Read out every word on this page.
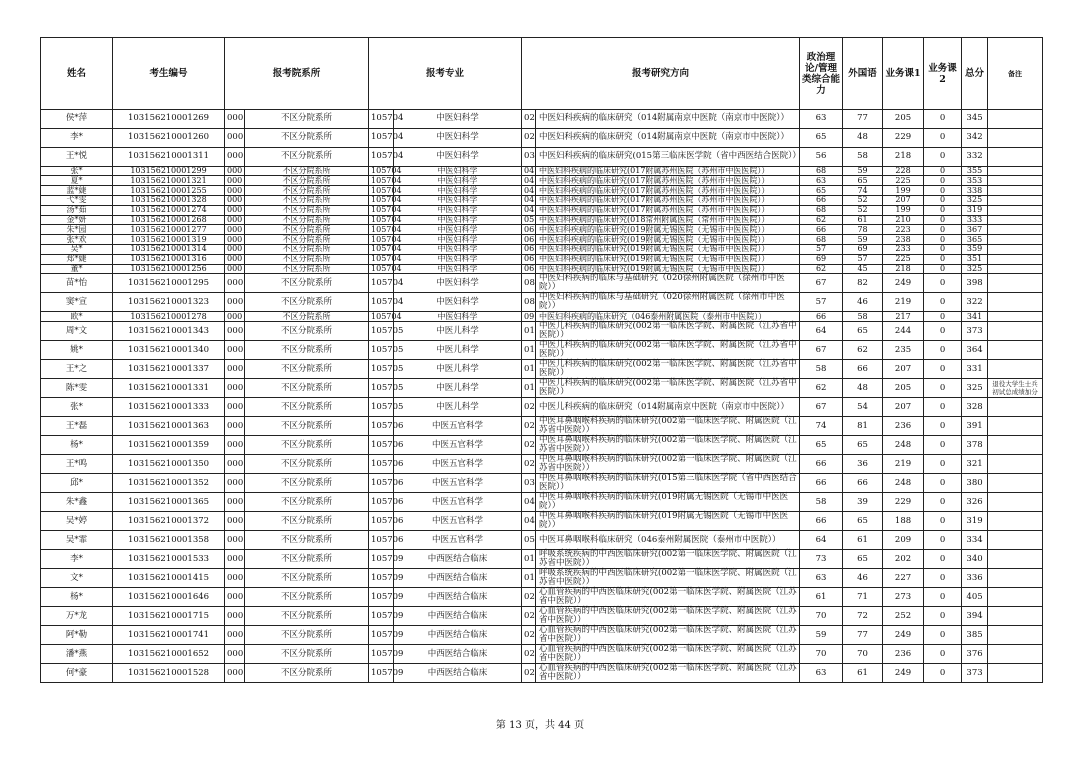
姓名	考生编号	报考院系所		报考专业		报考研究方向		政治理论/管理类综合能力	外国语	业务课1	业务课2	总分	备注
侯*萍	103156210001269	000	不区分院系所	105704	中医妇科学	02	中医妇科疾病的临床研究（014附属南京中医院（南京市中医院））	63	77	205	0	345	
李*	103156210001260	000	不区分院系所	105704	中医妇科学	02	中医妇科疾病的临床研究（014附属南京中医院（南京市中医院））	65	48	229	0	342	
王*悦	103156210001311	000	不区分院系所	105704	中医妇科学	03	中医妇科疾病的临床研究(015第三临床医学院（省中西医结合医院））	56	58	218	0	332	
张*	103156210001299	000	不区分院系所	105704	中医妇科学	04	中医妇科疾病的临床研究(017附属苏州医院（苏州市中医医院））	68	59	228	0	355	
夏*	103156210001321	000	不区分院系所	105704	中医妇科学	04	中医妇科疾病的临床研究(017附属苏州医院（苏州市中医医院））	63	65	225	0	353	
蓝*婕	103156210001255	000	不区分院系所	105704	中医妇科学	04	中医妇科疾病的临床研究(017附属苏州医院（苏州市中医医院））	65	74	199	0	338	
弋*雯	103156210001328	000	不区分院系所	105704	中医妇科学	04	中医妇科疾病的临床研究(017附属苏州医院（苏州市中医医院））	66	52	207	0	325	
汤*茹	103156210001274	000	不区分院系所	105704	中医妇科学	04	中医妇科疾病的临床研究(017附属苏州医院（苏州市中医医院））	68	52	199	0	319	
金*妍	103156210001268	000	不区分院系所	105704	中医妇科学	05	中医妇科疾病的临床研究(018常州附属医院（常州市中医医院））	62	61	210	0	333	
朱*园	103156210001277	000	不区分院系所	105704	中医妇科学	06	中医妇科疾病的临床研究(019附属无锡医院（无锡市中医医院））	66	78	223	0	367	
张*欢	103156210001319	000	不区分院系所	105704	中医妇科学	06	中医妇科疾病的临床研究(019附属无锡医院（无锡市中医医院））	68	59	238	0	365	
吴*	103156210001314	000	不区分院系所	105704	中医妇科学	06	中医妇科疾病的临床研究(019附属无锡医院（无锡市中医医院））	57	69	233	0	359	
郑*婕	103156210001316	000	不区分院系所	105704	中医妇科学	06	中医妇科疾病的临床研究(019附属无锡医院（无锡市中医医院））	69	57	225	0	351	
董*	103156210001256	000	不区分院系所	105704	中医妇科学	06	中医妇科疾病的临床研究(019附属无锡医院（无锡市中医医院））	62	45	218	0	325	
苗*怡	103156210001295	000	不区分院系所	105704	中医妇科学	08	中医妇科疾病的临床与基础研究（020徐州附属医院（徐州市中医院））	67	82	249	0	398	
窦*宣	103156210001323	000	不区分院系所	105704	中医妇科学	08	中医妇科疾病的临床与基础研究（020徐州附属医院（徐州市中医院））	57	46	219	0	322	
欧*	103156210001278	000	不区分院系所	105704	中医妇科学	09	中医妇科疾病的临床研究（046泰州附属医院（泰州市中医院））	66	58	217	0	341	
周*文	103156210001343	000	不区分院系所	105705	中医儿科学	01	中医儿科疾病的临床研究(002第一临床医学院、附属医院（江苏省中医院））	64	65	244	0	373	
姚*	103156210001340	000	不区分院系所	105705	中医儿科学	01	中医儿科疾病的临床研究(002第一临床医学院、附属医院（江苏省中医院））	67	62	235	0	364	
王*之	103156210001337	000	不区分院系所	105705	中医儿科学	01	中医儿科疾病的临床研究(002第一临床医学院、附属医院（江苏省中医院））	58	66	207	0	331	
陈*雯	103156210001331	000	不区分院系所	105705	中医儿科学	01	中医儿科疾病的临床研究(002第一临床医学院、附属医院（江苏省中医院））	62	48	205	0	325	退役大学生士兵初试总成绩加分
张*	103156210001333	000	不区分院系所	105705	中医儿科学	02	中医儿科疾病的临床研究（014附属南京中医院（南京市中医院））	67	54	207	0	328	
王*磊	103156210001363	000	不区分院系所	105706	中医五官科学	02	中医耳鼻咽喉科疾病的临床研究(002第一临床医学院、附属医院（江苏省中医院））	74	81	236	0	391	
杨*	103156210001359	000	不区分院系所	105706	中医五官科学	02	中医耳鼻咽喉科疾病的临床研究(002第一临床医学院、附属医院（江苏省中医院））	65	65	248	0	378	
王*鸣	103156210001350	000	不区分院系所	105706	中医五官科学	02	中医耳鼻咽喉科疾病的临床研究(002第一临床医学院、附属医院（江苏省中医院））	66	36	219	0	321	
邱*	103156210001352	000	不区分院系所	105706	中医五官科学	03	中医耳鼻咽喉科疾病的临床研究(015第三临床医学院（省中西医结合医院））	66	66	248	0	380	
朱*鑫	103156210001365	000	不区分院系所	105706	中医五官科学	04	中医耳鼻咽喉科疾病的临床研究(019附属无锡医院（无锡市中医医院））	58	39	229	0	326	
吴*婷	103156210001372	000	不区分院系所	105706	中医五官科学	04	中医耳鼻咽喉科疾病的临床研究(019附属无锡医院（无锡市中医医院））	66	65	188	0	319	
吴*霏	103156210001358	000	不区分院系所	105706	中医五官科学	05	中医耳鼻咽喉科临床研究（046泰州附属医院（泰州市中医院））	64	61	209	0	334	
李*	103156210001533	000	不区分院系所	105709	中西医结合临床	01	呼吸系统疾病的中西医临床研究(002第一临床医学院、附属医院（江苏省中医院））	73	65	202	0	340	
文*	103156210001415	000	不区分院系所	105709	中西医结合临床	01	呼吸系统疾病的中西医临床研究(002第一临床医学院、附属医院（江苏省中医院））	63	46	227	0	336	
杨*	103156210001646	000	不区分院系所	105709	中西医结合临床	02	心血管疾病的中西医临床研究(002第一临床医学院、附属医院（江苏省中医院））	61	71	273	0	405	
万*龙	103156210001715	000	不区分院系所	105709	中西医结合临床	02	心血管疾病的中西医临床研究(002第一临床医学院、附属医院（江苏省中医院））	70	72	252	0	394	
阿*勒	103156210001741	000	不区分院系所	105709	中西医结合临床	02	心血管疾病的中西医临床研究(002第一临床医学院、附属医院（江苏省中医院））	59	77	249	0	385	
潘*燕	103156210001652	000	不区分院系所	105709	中西医结合临床	02	心血管疾病的中西医临床研究(002第一临床医学院、附属医院（江苏省中医院））	70	70	236	0	376	
何*豪	103156210001528	000	不区分院系所	105709	中西医结合临床	02	心血管疾病的中西医临床研究(002第一临床医学院、附属医院（江苏省中医院））	63	61	249	0	373	
第 13 页，共 44 页
